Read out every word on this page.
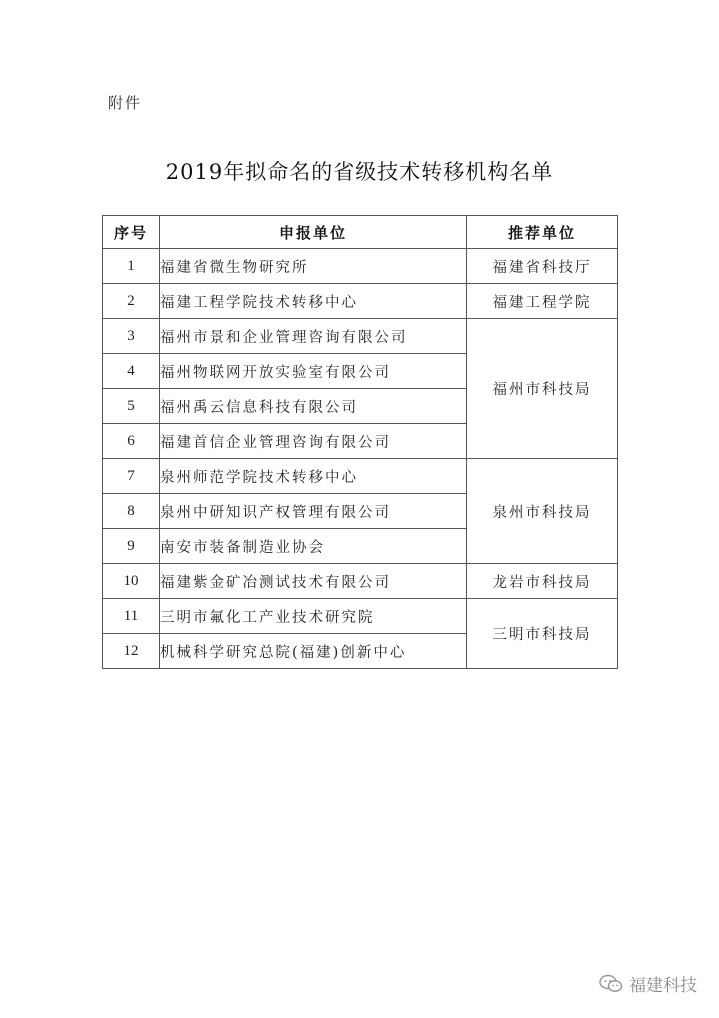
附件
2019年拟命名的省级技术转移机构名单
序号	申报单位	推荐单位
1	福建省微生物研究所	福建省科技厅
2	福建工程学院技术转移中心	福建工程学院
3	福州市景和企业管理咨询有限公司	福州市科技局
4	福州物联网开放实验室有限公司	
5	福州禹云信息科技有限公司	
6	福建首信企业管理咨询有限公司	
7	泉州师范学院技术转移中心	泉州市科技局
8	泉州中研知识产权管理有限公司	
9	南安市装备制造业协会	
10	福建紫金矿冶测试技术有限公司	龙岩市科技局
11	三明市氟化工产业技术研究院	三明市科技局
12	机械科学研究总院(福建)创新中心	
福建科技
